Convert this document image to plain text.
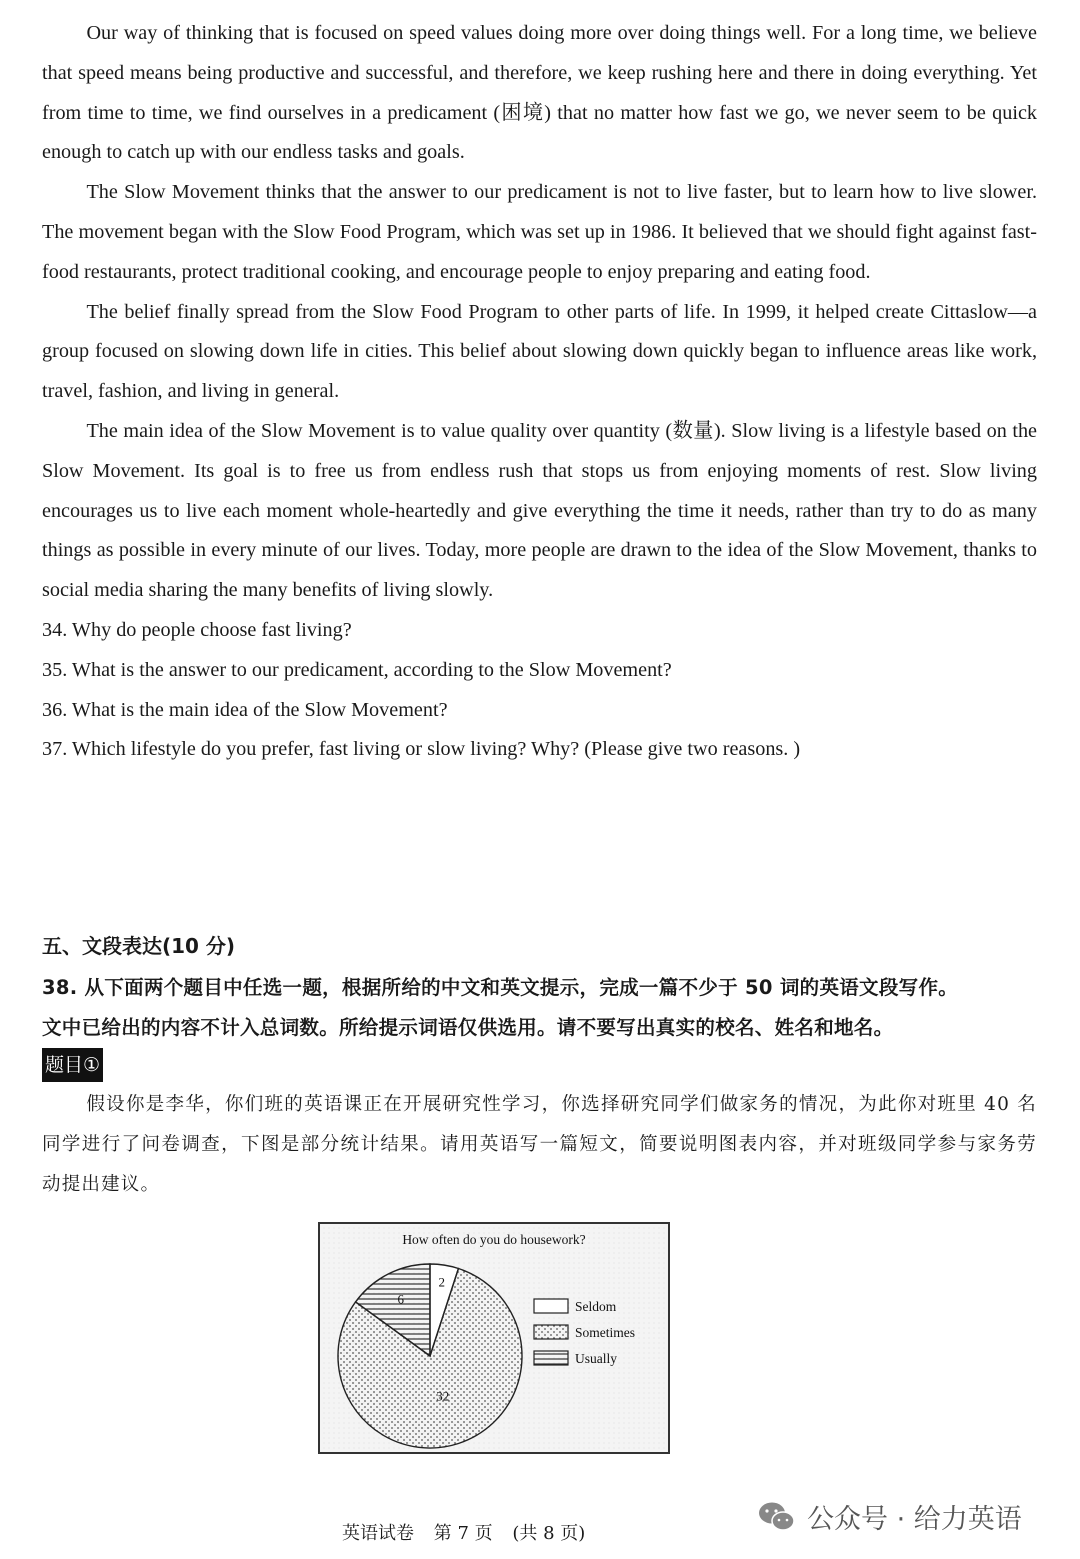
Our way of thinking that is focused on speed values doing more over doing things well. For a long time, we believe that speed means being productive and successful, and therefore, we keep rushing here and there in doing everything. Yet from time to time, we find ourselves in a predicament (困境) that no matter how fast we go, we never seem to be quick enough to catch up with our endless tasks and goals.

The Slow Movement thinks that the answer to our predicament is not to live faster, but to learn how to live slower. The movement began with the Slow Food Program, which was set up in 1986. It believed that we should fight against fast-food restaurants, protect traditional cooking, and encourage people to enjoy preparing and eating food.

The belief finally spread from the Slow Food Program to other parts of life. In 1999, it helped create Cittaslow—a group focused on slowing down life in cities. This belief about slowing down quickly began to influence areas like work, travel, fashion, and living in general.

The main idea of the Slow Movement is to value quality over quantity (数量). Slow living is a lifestyle based on the Slow Movement. Its goal is to free us from endless rush that stops us from enjoying moments of rest. Slow living encourages us to live each moment whole-heartedly and give everything the time it needs, rather than try to do as many things as possible in every minute of our lives. Today, more people are drawn to the idea of the Slow Movement, thanks to social media sharing the many benefits of living slowly.

34. Why do people choose fast living?

35. What is the answer to our predicament, according to the Slow Movement?

36. What is the main idea of the Slow Movement?

37. Which lifestyle do you prefer, fast living or slow living? Why? (Please give two reasons. )

五、文段表达(10 分)
38. 从下面两个题目中任选一题，根据所给的中文和英文提示，完成一篇不少于 50 词的英语文段写作。
文中已给出的内容不计入总词数。所给提示词语仅供选用。请不要写出真实的校名、姓名和地名。
题目①

假设你是李华，你们班的英语课正在开展研究性学习，你选择研究同学们做家务的情况，为此你对班里 40 名同学进行了问卷调查，下图是部分统计结果。请用英语写一篇短文，简要说明图表内容，并对班级同学参与家务劳动提出建议。

How often do you do housework?
2
32
6	Seldom
Sometimes
Usually
英语试卷 第 7 页 (共 8 页)	公众号 · 给力英语
